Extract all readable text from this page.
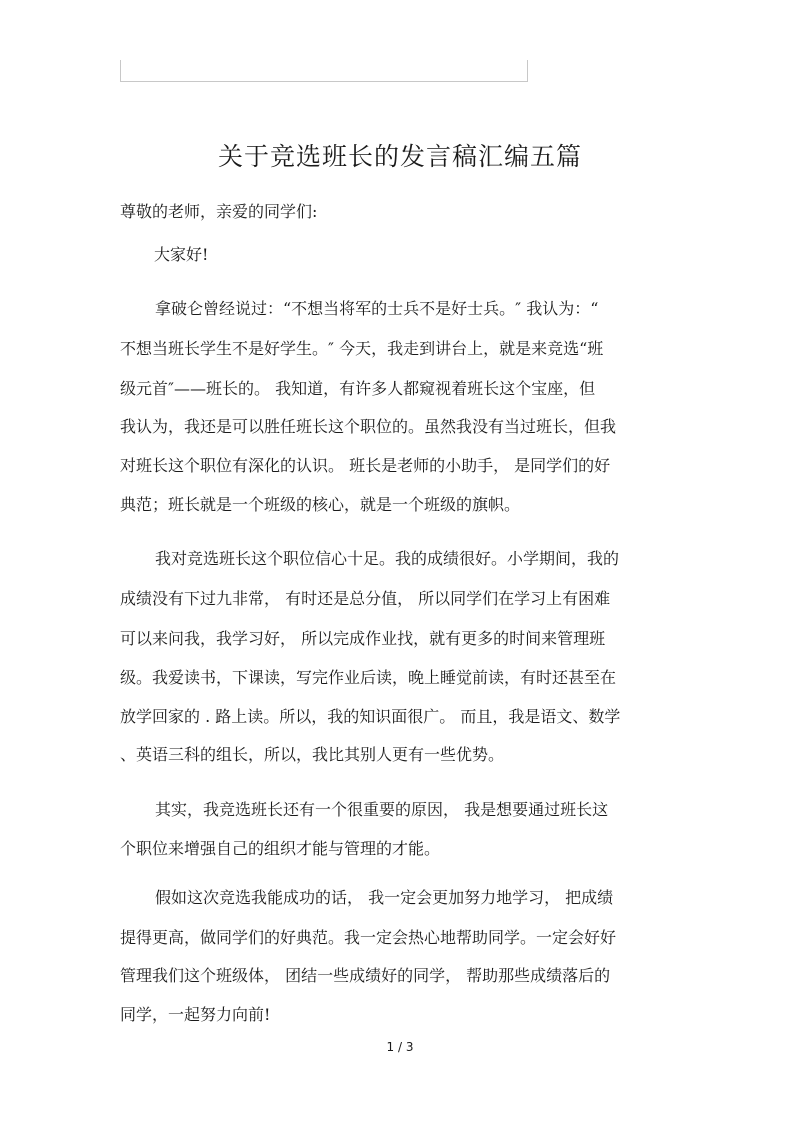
关于竞选班长的发言稿汇编五篇
尊敬的老师，亲爱的同学们:
大家好!
拿破仑曾经说过：“不想当将军的士兵不是好士兵。″ 我认为：“
不想当班长学生不是好学生。″ 今天，我走到讲台上，就是来竞选“班
级元首″——班长的。 我知道，有许多人都窥视着班长这个宝座，但
我认为，我还是可以胜任班长这个职位的。虽然我没有当过班长，但我
对班长这个职位有深化的认识。 班长是老师的小助手， 是同学们的好
典范；班长就是一个班级的核心，就是一个班级的旗帜。
我对竞选班长这个职位信心十足。我的成绩很好。小学期间，我的
成绩没有下过九非常， 有时还是总分值， 所以同学们在学习上有困难
可以来问我，我学习好， 所以完成作业找，就有更多的时间来管理班
级。我爱读书，下课读，写完作业后读，晚上睡觉前读，有时还甚至在
放学回家的 . 路上读。所以，我的知识面很广。 而且，我是语文、数学
、英语三科的组长，所以，我比其别人更有一些优势。
其实，我竞选班长还有一个很重要的原因， 我是想要通过班长这
个职位来增强自己的组织才能与管理的才能。
假如这次竞选我能成功的话， 我一定会更加努力地学习， 把成绩
提得更高，做同学们的好典范。我一定会热心地帮助同学。一定会好好
管理我们这个班级体， 团结一些成绩好的同学， 帮助那些成绩落后的
同学，一起努力向前!
1 / 3
